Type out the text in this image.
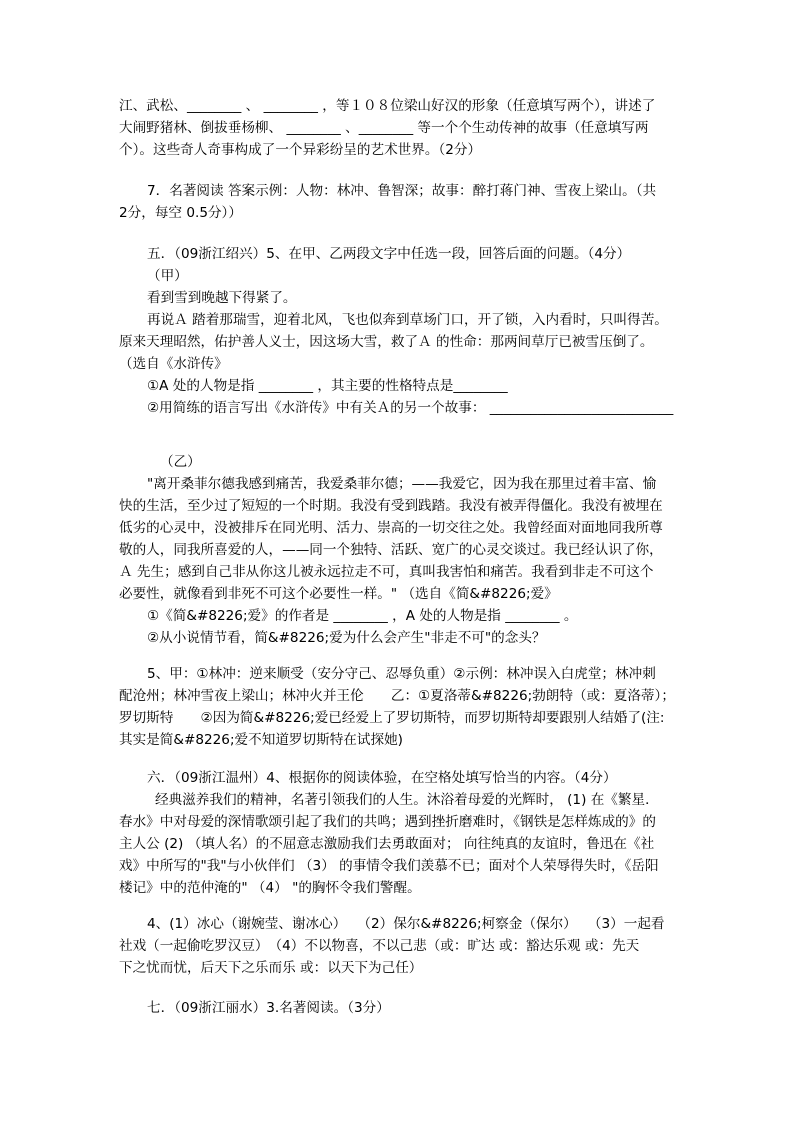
江、武松、________ 、 ________ ，等１０８位梁山好汉的形象（任意填写两个），讲述了
大闹野猪林、倒拔垂杨柳、 ________ 、________ 等一个个生动传神的故事（任意填写两
个）。这些奇人奇事构成了一个异彩纷呈的艺术世界。（2分）
7．名著阅读 答案示例：人物：林冲、鲁智深；故事：醉打蒋门神、雪夜上梁山。（共
2分，每空 0.5分））
五．（09浙江绍兴）5、在甲、乙两段文字中任选一段，回答后面的问题。（4分）
（甲）
看到雪到晚越下得紧了。
再说Ａ 踏着那瑞雪，迎着北风，飞也似奔到草场门口，开了锁，入内看时，只叫得苦。
原来天理昭然，佑护善人义士，因这场大雪，救了Ａ 的性命：那两间草厅已被雪压倒了。
（选自《水浒传》
①A 处的人物是指 ________ ，其主要的性格特点是________
②用简练的语言写出《水浒传》中有关Ａ的另一个故事： ___________________________
（乙）
"离开桑菲尔德我感到痛苦，我爱桑菲尔德；——我爱它，因为我在那里过着丰富、愉
快的生活，至少过了短短的一个时期。我没有受到践踏。我没有被弄得僵化。我没有被埋在
低劣的心灵中，没被排斥在同光明、活力、崇高的一切交往之处。我曾经面对面地同我所尊
敬的人，同我所喜爱的人，——同一个独特、活跃、宽广的心灵交谈过。我已经认识了你，
Ａ 先生；感到自己非从你这儿被永远拉走不可，真叫我害怕和痛苦。我看到非走不可这个
必要性，就像看到非死不可这个必要性一样。" （选自《简&#8226;爱》
①《简&#8226;爱》的作者是 ________ ，A 处的人物是指 ________ 。
②从小说情节看，简&#8226;爱为什么会产生"非走不可"的念头？
5、甲：①林冲：逆来顺受（安分守己、忍辱负重）②示例：林冲误入白虎堂；林冲刺
配沧州；林冲雪夜上梁山；林冲火并王伦　　乙：①夏洛蒂&#8226;勃朗特（或：夏洛蒂）；
罗切斯特　　②因为简&#8226;爱已经爱上了罗切斯特，而罗切斯特却要跟别人结婚了(注:
其实是简&#8226;爱不知道罗切斯特在试探她)
六．（09浙江温州）4、根据你的阅读体验，在空格处填写恰当的内容。（4分）
经典滋养我们的精神，名著引领我们的人生。沐浴着母爱的光辉时， (1) 在《繁星．
春水》中对母爱的深情歌颂引起了我们的共鸣；遇到挫折磨难时，《钢铁是怎样炼成的》的
主人公 (2) （填人名）的不屈意志激励我们去勇敢面对； 向往纯真的友谊时，鲁迅在《社
戏》中所写的"我"与小伙伴们 （3） 的事情令我们羡慕不已；面对个人荣辱得失时，《岳阳
楼记》中的范仲淹的" （4） "的胸怀令我们警醒。
4、(1）冰心（谢婉莹、谢冰心）　 （2）保尔&#8226;柯察金（保尔）　 （3）一起看
社戏（一起偷吃罗汉豆）　（4）不以物喜，不以己悲（或：旷达 或：豁达乐观 或：先天
下之忧而忧，后天下之乐而乐 或：以天下为己任）
七．（09浙江丽水）3.名著阅读。（3分）
